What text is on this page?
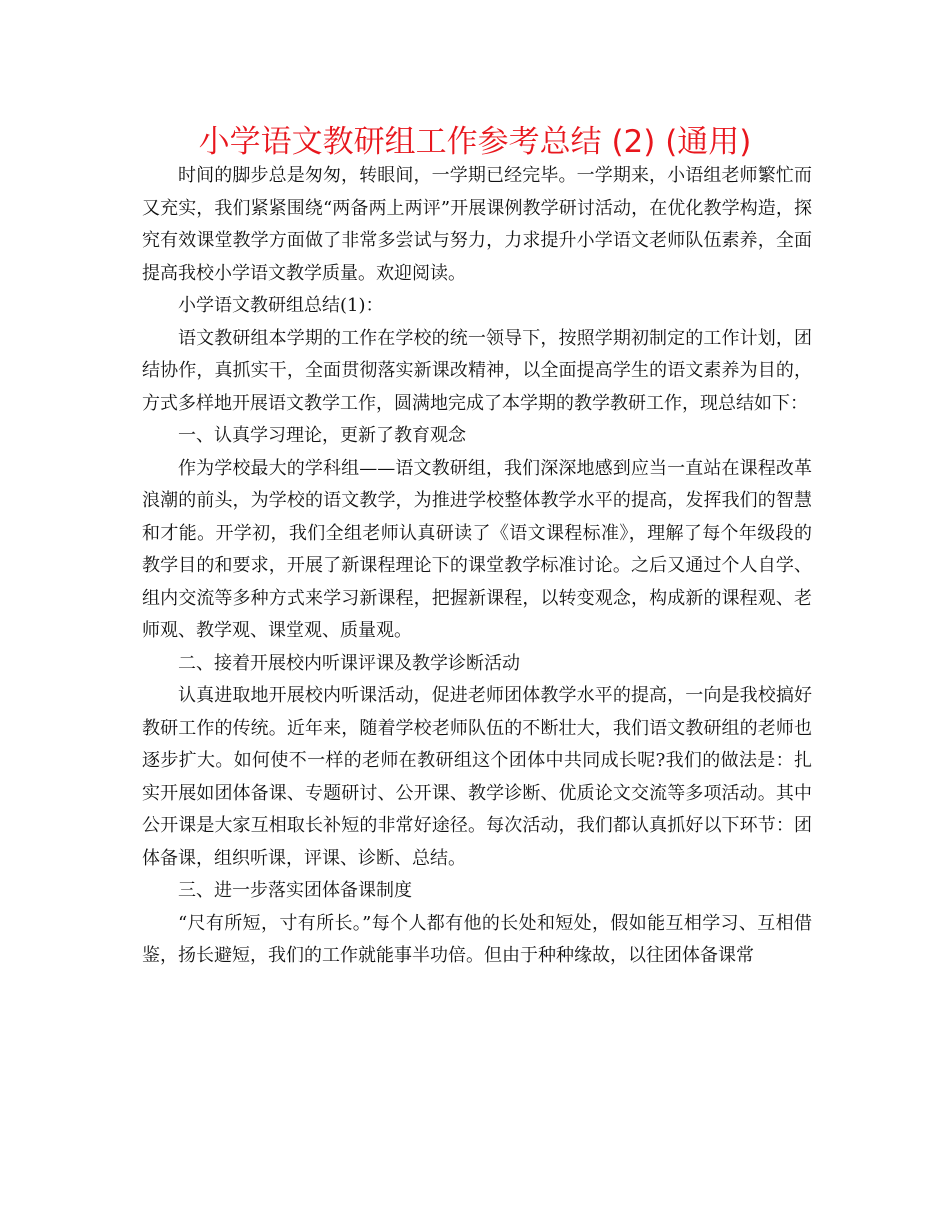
小学语文教研组工作参考总结 (2) (通用)

时间的脚步总是匆匆，转眼间，一学期已经完毕。一学期来，小语组老师繁忙而又充实，我们紧紧围绕“两备两上两评”开展课例教学研讨活动，在优化教学构造，探究有效课堂教学方面做了非常多尝试与努力，力求提升小学语文老师队伍素养，全面提高我校小学语文教学质量。欢迎阅读。

小学语文教研组总结(1)：

语文教研组本学期的工作在学校的统一领导下，按照学期初制定的工作计划，团结协作，真抓实干，全面贯彻落实新课改精神，以全面提高学生的语文素养为目的，方式多样地开展语文教学工作，圆满地完成了本学期的教学教研工作，现总结如下：

一、认真学习理论，更新了教育观念

作为学校最大的学科组——语文教研组，我们深深地感到应当一直站在课程改革浪潮的前头，为学校的语文教学，为推进学校整体教学水平的提高，发挥我们的智慧和才能。开学初，我们全组老师认真研读了《语文课程标准》，理解了每个年级段的教学目的和要求，开展了新课程理论下的课堂教学标准讨论。之后又通过个人自学、组内交流等多种方式来学习新课程，把握新课程，以转变观念，构成新的课程观、老师观、教学观、课堂观、质量观。

二、接着开展校内听课评课及教学诊断活动

认真进取地开展校内听课活动，促进老师团体教学水平的提高，一向是我校搞好教研工作的传统。近年来，随着学校老师队伍的不断壮大，我们语文教研组的老师也逐步扩大。如何使不一样的老师在教研组这个团体中共同成长呢?我们的做法是：扎实开展如团体备课、专题研讨、公开课、教学诊断、优质论文交流等多项活动。其中公开课是大家互相取长补短的非常好途径。每次活动，我们都认真抓好以下环节：团体备课，组织听课，评课、诊断、总结。

三、进一步落实团体备课制度

“尺有所短，寸有所长。”每个人都有他的长处和短处，假如能互相学习、互相借鉴，扬长避短，我们的工作就能事半功倍。但由于种种缘故，以往团体备课常
